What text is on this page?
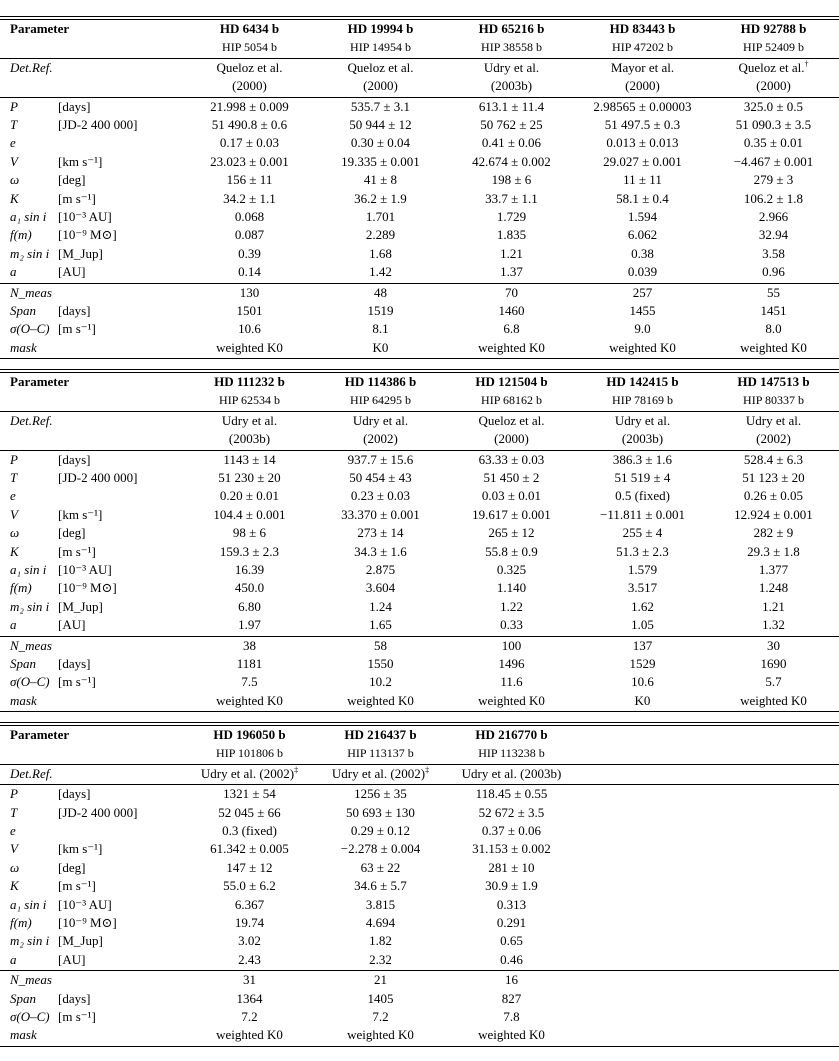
Parameter	HD 6434 b	HD 19994 b	HD 65216 b	HD 83443 b	HD 92788 b
HIP 5054 b	HIP 14954 b	HIP 38558 b	HIP 47202 b	HIP 52409 b
Det.Ref.	Queloz et al.	Queloz et al.	Udry et al.	Mayor et al.	Queloz et al.†
(2000)	(2000)	(2003b)	(2000)	(2000)
P	[days]	21.998 ± 0.009	535.7 ± 3.1	613.1 ± 11.4	2.98565 ± 0.00003	325.0 ± 0.5
T	[JD-2 400 000]	51 490.8 ± 0.6	50 944 ± 12	50 762 ± 25	51 497.5 ± 0.3	51 090.3 ± 3.5
e	0.17 ± 0.03	0.30 ± 0.04	0.41 ± 0.06	0.013 ± 0.013	0.35 ± 0.01
V	[km s⁻¹]	23.023 ± 0.001	19.335 ± 0.001	42.674 ± 0.002	29.027 ± 0.001	−4.467 ± 0.001
ω	[deg]	156 ± 11	41 ± 8	198 ± 6	11 ± 11	279 ± 3
K	[m s⁻¹]	34.2 ± 1.1	36.2 ± 1.9	33.7 ± 1.1	58.1 ± 0.4	106.2 ± 1.8
a₁ sin i [10⁻³ AU]	0.068	1.701	1.729	1.594	2.966
f(m)	[10⁻⁹ M⊙]	0.087	2.289	1.835	6.062	32.94
m₂ sin i [M_Jup]	0.39	1.68	1.21	0.38	3.58
a	[AU]	0.14	1.42	1.37	0.039	0.96
N_meas	130	48	70	257	55
Span	[days]	1501	1519	1460	1455	1451
σ(O–C) [m s⁻¹]	10.6	8.1	6.8	9.0	8.0
mask	weighted K0	K0	weighted K0	weighted K0	weighted K0
Parameter	HD 111232 b	HD 114386 b	HD 121504 b	HD 142415 b	HD 147513 b
HIP 62534 b	HIP 64295 b	HIP 68162 b	HIP 78169 b	HIP 80337 b
Det.Ref.	Udry et al.	Udry et al.	Queloz et al.	Udry et al.	Udry et al.
(2003b)	(2002)	(2000)	(2003b)	(2002)
P	[days]	1143 ± 14	937.7 ± 15.6	63.33 ± 0.03	386.3 ± 1.6	528.4 ± 6.3
T	[JD-2 400 000]	51 230 ± 20	50 454 ± 43	51 450 ± 2	51 519 ± 4	51 123 ± 20
e	0.20 ± 0.01	0.23 ± 0.03	0.03 ± 0.01	0.5 (fixed)	0.26 ± 0.05
V	[km s⁻¹]	104.4 ± 0.001	33.370 ± 0.001	19.617 ± 0.001	−11.811 ± 0.001	12.924 ± 0.001
ω	[deg]	98 ± 6	273 ± 14	265 ± 12	255 ± 4	282 ± 9
K	[m s⁻¹]	159.3 ± 2.3	34.3 ± 1.6	55.8 ± 0.9	51.3 ± 2.3	29.3 ± 1.8
a₁ sin i [10⁻³ AU]	16.39	2.875	0.325	1.579	1.377
f(m)	[10⁻⁹ M⊙]	450.0	3.604	1.140	3.517	1.248
m₂ sin i [M_Jup]	6.80	1.24	1.22	1.62	1.21
a	[AU]	1.97	1.65	0.33	1.05	1.32
N_meas	38	58	100	137	30
Span	[days]	1181	1550	1496	1529	1690
σ(O–C) [m s⁻¹]	7.5	10.2	11.6	10.6	5.7
mask	weighted K0	weighted K0	weighted K0	K0	weighted K0
Parameter	HD 196050 b	HD 216437 b	HD 216770 b
HIP 101806 b	HIP 113137 b	HIP 113238 b
Det.Ref.	Udry et al. (2002)‡	Udry et al. (2002)‡	Udry et al. (2003b)
P	[days]	1321 ± 54	1256 ± 35	118.45 ± 0.55
T	[JD-2 400 000]	52 045 ± 66	50 693 ± 130	52 672 ± 3.5
e	0.3 (fixed)	0.29 ± 0.12	0.37 ± 0.06
V	[km s⁻¹]	61.342 ± 0.005	−2.278 ± 0.004	31.153 ± 0.002
ω	[deg]	147 ± 12	63 ± 22	281 ± 10
K	[m s⁻¹]	55.0 ± 6.2	34.6 ± 5.7	30.9 ± 1.9
a₁ sin i [10⁻³ AU]	6.367	3.815	0.313
f(m)	[10⁻⁹ M⊙]	19.74	4.694	0.291
m₂ sin i [M_Jup]	3.02	1.82	0.65
a	[AU]	2.43	2.32	0.46
N_meas	31	21	16
Span	[days]	1364	1405	827
σ(O–C) [m s⁻¹]	7.2	7.2	7.8
mask	weighted K0	weighted K0	weighted K0
